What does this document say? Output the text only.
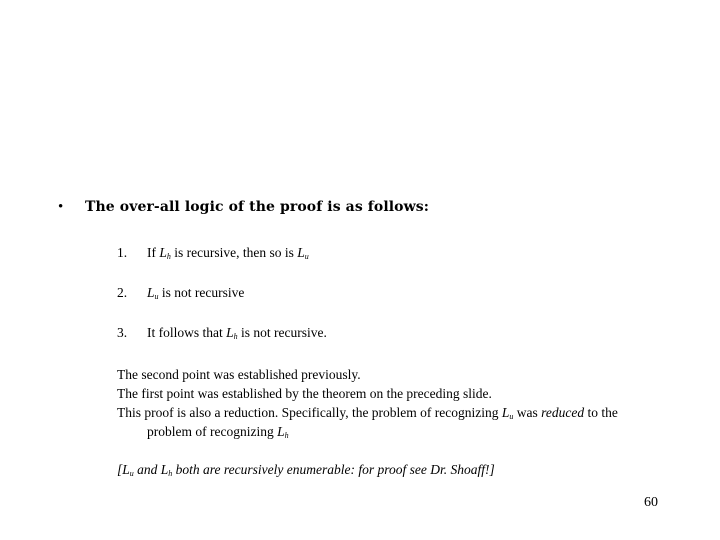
• The over-all logic of the proof is as follows:
1. If $L_h$ is recursive, then so is $L_u$
2. $L_u$ is not recursive
3. It follows that $L_h$ is not recursive.
The second point was established previously.
The first point was established by the theorem on the preceding slide.
This proof is also a reduction. Specifically, the problem of recognizing $L_u$ was reduced to the
problem of recognizing $L_h$
[$L_u$ and $L_h$ both are recursively enumerable: for proof see Dr. Shoaff!]
60
